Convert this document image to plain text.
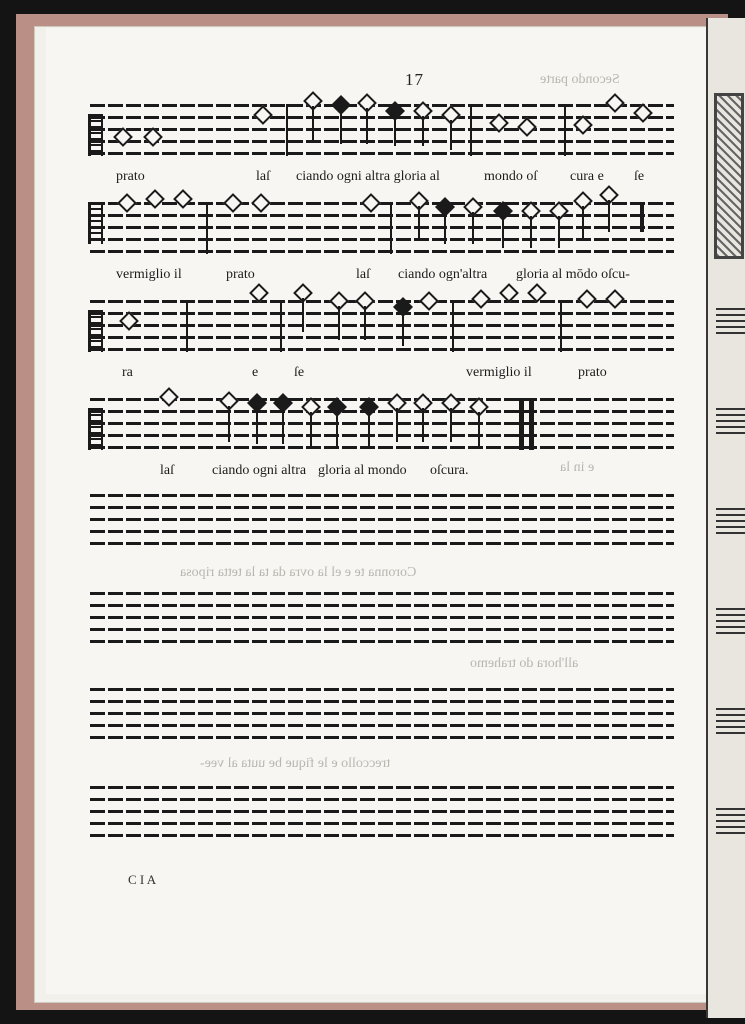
Secondo parte
e in la
Coronna te e el la ovra da ta la tetta riposa
all'hora do trahemo
treccollo e le fique be uuta al vee-
17
prato	laſ ciando ogni altra gloria al	mondo oſ cura e ſe
vermiglio il	prato	laſ ciando ogn'altra gloria al mōdo oſcu-
ra	e	ſe	vermiglio il	prato
laſ	ciando ogni altra gloria al mondo oſcura.
C I A
